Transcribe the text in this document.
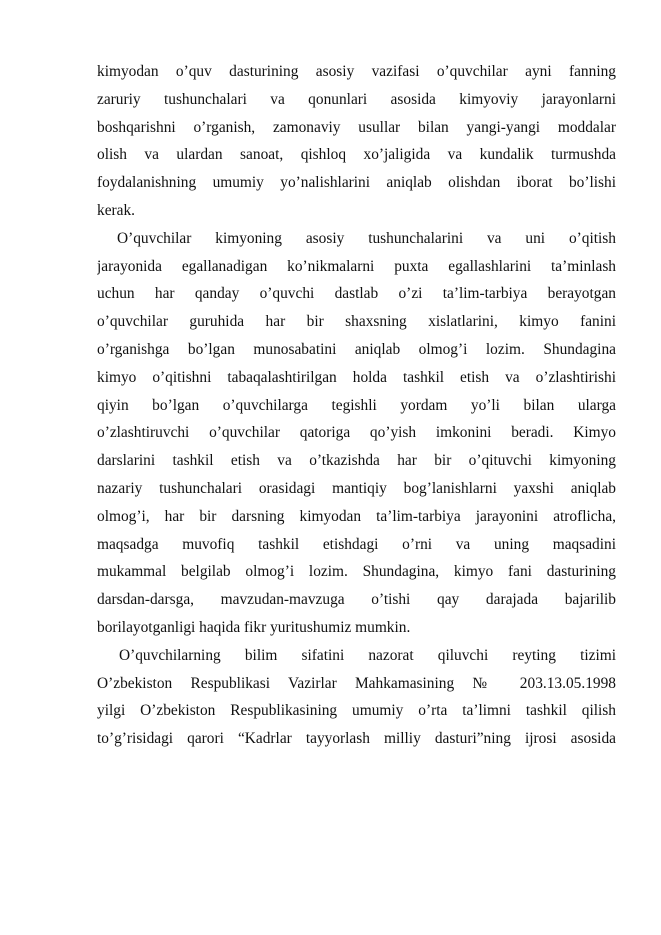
kimyodan o’quv dasturining asosiy vazifasi o’quvchilar ayni fanning
zaruriy tushunchalari va qonunlari asosida kimyoviy jarayonlarni
boshqarishni o’rganish, zamonaviy usullar bilan yangi-yangi moddalar
olish va ulardan sanoat, qishloq xo’jaligida va kundalik turmushda
foydalanishning umumiy yo’nalishlarini aniqlab olishdan iborat bo’lishi
kerak.
O’quvchilar kimyoning asosiy tushunchalarini va uni o’qitish
jarayonida egallanadigan ko’nikmalarni puxta egallashlarini ta’minlash
uchun har qanday o’quvchi dastlab o’zi ta’lim-tarbiya berayotgan
o’quvchilar guruhida har bir shaxsning xislatlarini, kimyo fanini
o’rganishga bo’lgan munosabatini aniqlab olmog’i lozim. Shundagina
kimyo o’qitishni tabaqalashtirilgan holda tashkil etish va o’zlashtirishi
qiyin bo’lgan o’quvchilarga tegishli yordam yo’li bilan ularga
o’zlashtiruvchi o’quvchilar qatoriga qo’yish imkonini beradi. Kimyo
darslarini tashkil etish va o’tkazishda har bir o’qituvchi kimyoning
nazariy tushunchalari orasidagi mantiqiy bog’lanishlarni yaxshi aniqlab
olmog’i, har bir darsning kimyodan ta’lim-tarbiya jarayonini atroflicha,
maqsadga muvofiq tashkil etishdagi o’rni va uning maqsadini
mukammal belgilab olmog’i lozim. Shundagina, kimyo fani dasturining
darsdan-darsga, mavzudan-mavzuga o’tishi qay darajada bajarilib
borilayotganligi haqida fikr yuritushumiz mumkin.
O’quvchilarning bilim sifatini nazorat qiluvchi reyting tizimi
O’zbekiston Respublikasi Vazirlar Mahkamasining № 203.13.05.1998
yilgi O’zbekiston Respublikasining umumiy o’rta ta’limni tashkil qilish
to’g’risidagi qarori “Kadrlar tayyorlash milliy dasturi”ning ijrosi asosida
